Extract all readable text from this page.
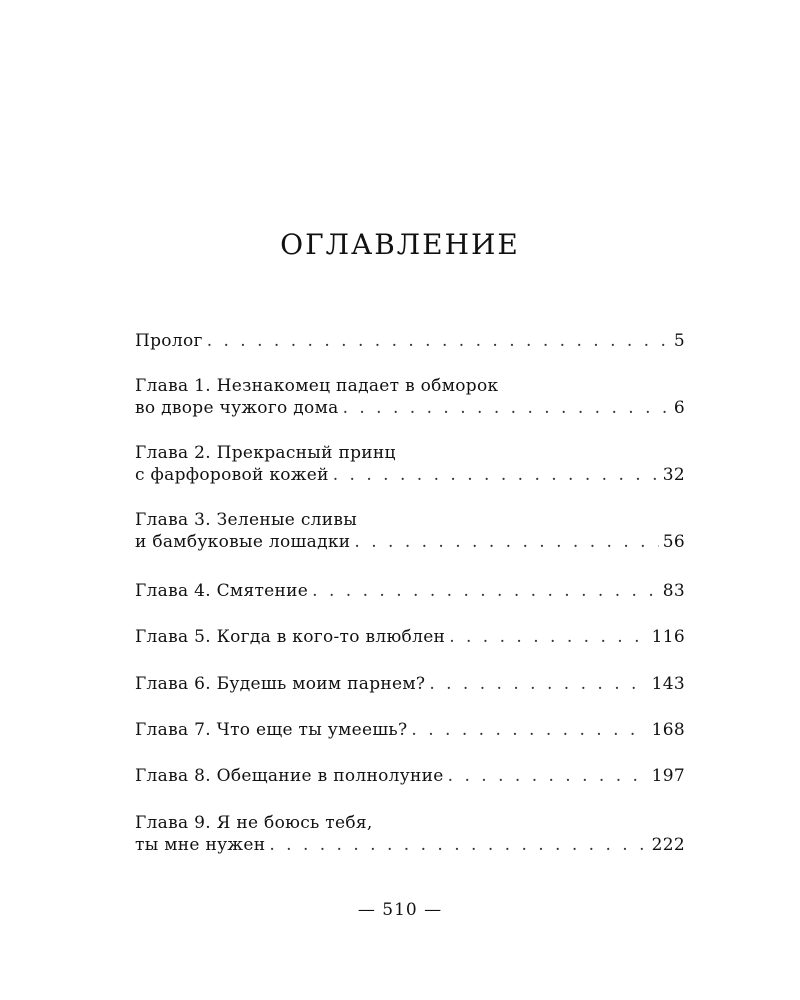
ОГЛАВЛЕНИЕ
Пролог . . .	5
Глава 1. Незнакомец падает в обморок
во дворе чужого дома . . .	6
Глава 2. Прекрасный принц
с фарфоровой кожей . . .	32
Глава 3. Зеленые сливы
и бамбуковые лошадки . . .	56
Глава 4. Смятение . . .	83
Глава 5. Когда в кого-то влюблен . . .	116
Глава 6. Будешь моим парнем? . . .	143
Глава 7. Что еще ты умеешь? . . .	168
Глава 8. Обещание в полнолуние . . .	197
Глава 9. Я не боюсь тебя,
ты мне нужен . . .	222
— 510 —
